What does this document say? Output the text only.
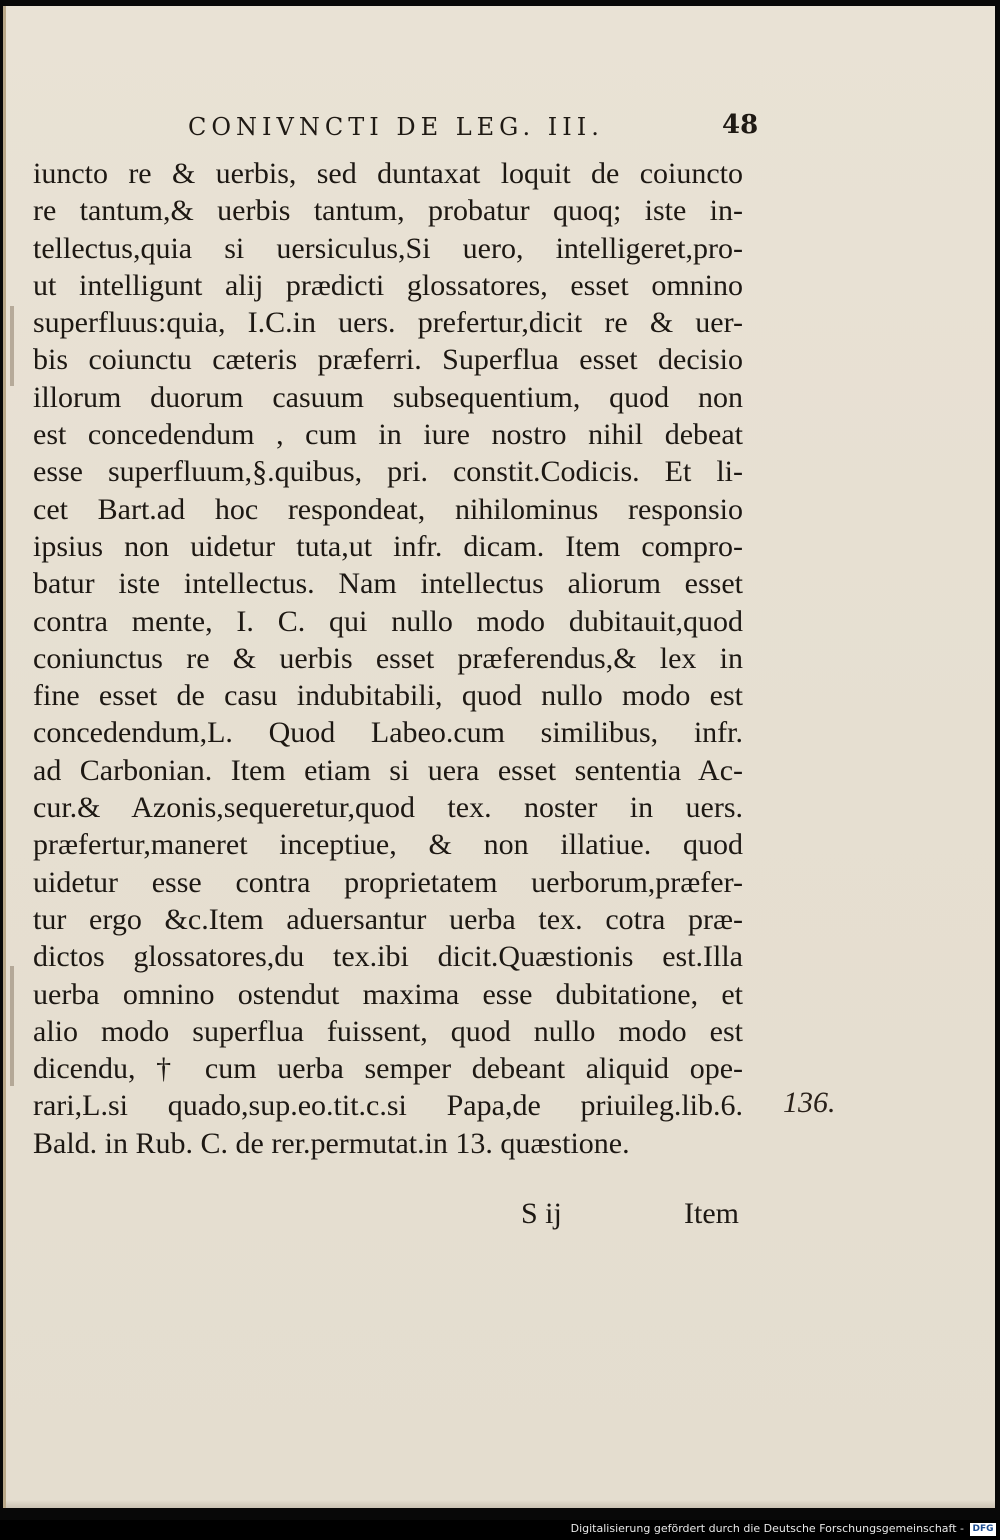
CONIVNCTI DE LEG. III.	48
iuncto re & uerbis, sed duntaxat loquit de coiuncto
re tantum,& uerbis tantum, probatur quoq; iste in-
tellectus,quia si uersiculus,Si uero, intelligeret,pro-
ut intelligunt alij prædicti glossatores, esset omnino
superfluus:quia, I.C.in uers. prefertur,dicit re & uer-
bis coiunctu cæteris præferri. Superflua esset decisio
illorum duorum casuum subsequentium, quod non
est concedendum , cum in iure nostro nihil debeat
esse superfluum,§.quibus, pri. constit.Codicis. Et li-
cet Bart.ad hoc respondeat, nihilominus responsio
ipsius non uidetur tuta,ut infr. dicam. Item compro-
batur iste intellectus. Nam intellectus aliorum esset
contra mente, I. C. qui nullo modo dubitauit,quod
coniunctus re & uerbis esset præferendus,& lex in
fine esset de casu indubitabili, quod nullo modo est
concedendum,L. Quod Labeo.cum similibus, infr.
ad Carbonian. Item etiam si uera esset sententia Ac-
cur.& Azonis,sequeretur,quod tex. noster in uers.
præfertur,maneret inceptiue, & non illatiue. quod
uidetur esse contra proprietatem uerborum,præfer-
tur ergo &c.Item aduersantur uerba tex. cotra præ-
dictos glossatores,du tex.ibi dicit.Quæstionis est.Illa
uerba omnino ostendut maxima esse dubitatione, et
alio modo superflua fuissent, quod nullo modo est
dicendu, † cum uerba semper debeant aliquid ope-
rari,L.si quado,sup.eo.tit.c.si Papa,de priuileg.lib.6.
Bald. in Rub. C. de rer.permutat.in 13. quæstione.
136.
S ij	Item
Digitalisierung gefördert durch die Deutsche Forschungsgemeinschaft - DFG
